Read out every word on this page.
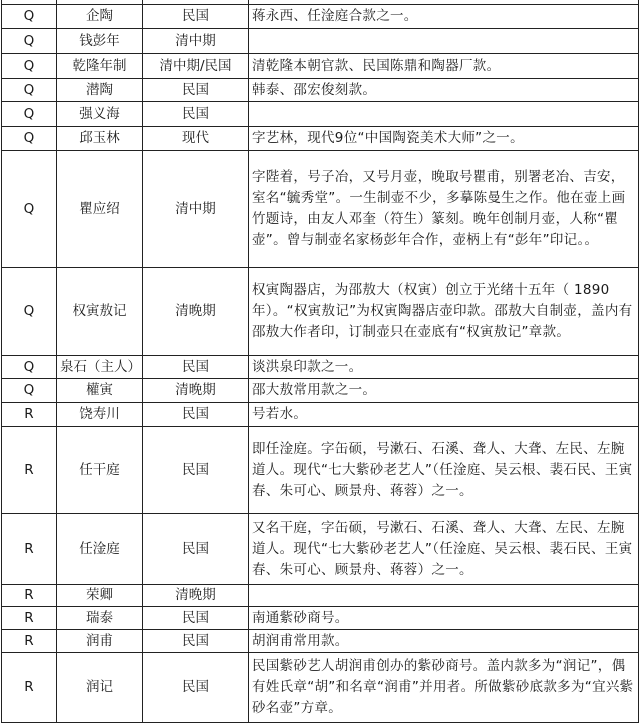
Q	企陶	民国	蒋永西、任淦庭合款之一。
Q	钱彭年	清中期	
Q	乾隆年制	清中期/民国	清乾隆本朝官款、民国陈鼎和陶器厂款。
Q	潜陶	民国	韩泰、邵宏俊刻款。
Q	强义海	民国	
Q	邱玉林	现代	字艺林，现代9位“中国陶瓷美术大师”之一。
Q	瞿应绍	清中期	字陛着，号子冶，又号月壶，晚取号瞿甫，别署老冶、吉安，室名“毓秀堂”。一生制壶不少，多摹陈曼生之作。他在壶上画竹题诗，由友人邓奎（符生）篆刻。晚年创制月壶，人称“瞿壶”。曾与制壶名家杨彭年合作，壶柄上有“彭年”印记。。
Q	权寅敖记	清晚期	权寅陶器店，为邵敖大（权寅）创立于光绪十五年（ 1890 年）。“权寅敖记”为权寅陶器店壶印款。邵敖大自制壶，盖内有邵敖大作者印，订制壶只在壶底有“权寅敖记”章款。
Q	泉石（主人）	民国	谈洪泉印款之一。
Q	權寅	清晚期	邵大敖常用款之一。
R	饶寿川	民国	号若水。
R	任干庭	民国	即任淦庭。字缶硕，号漱石、石溪、聋人、大聋、左民、左腕道人。现代“七大紫砂老艺人”（任淦庭、吴云根、裴石民、王寅春、朱可心、顾景舟、蒋蓉）之一。
R	任淦庭	民国	又名干庭，字缶硕，号漱石、石溪、聋人、大聋、左民、左腕道人。现代“七大紫砂老艺人”（任淦庭、吴云根、裴石民、王寅春、朱可心、顾景舟、蒋蓉）之一。
R	荣卿	清晚期	
R	瑞泰	民国	南通紫砂商号。
R	润甫	民国	胡润甫常用款。
R	润记	民国	民国紫砂艺人胡润甫创办的紫砂商号。盖内款多为“润记”，偶有姓氏章“胡”和名章“润甫”并用者。所做紫砂底款多为“宜兴紫砂名壶”方章。
